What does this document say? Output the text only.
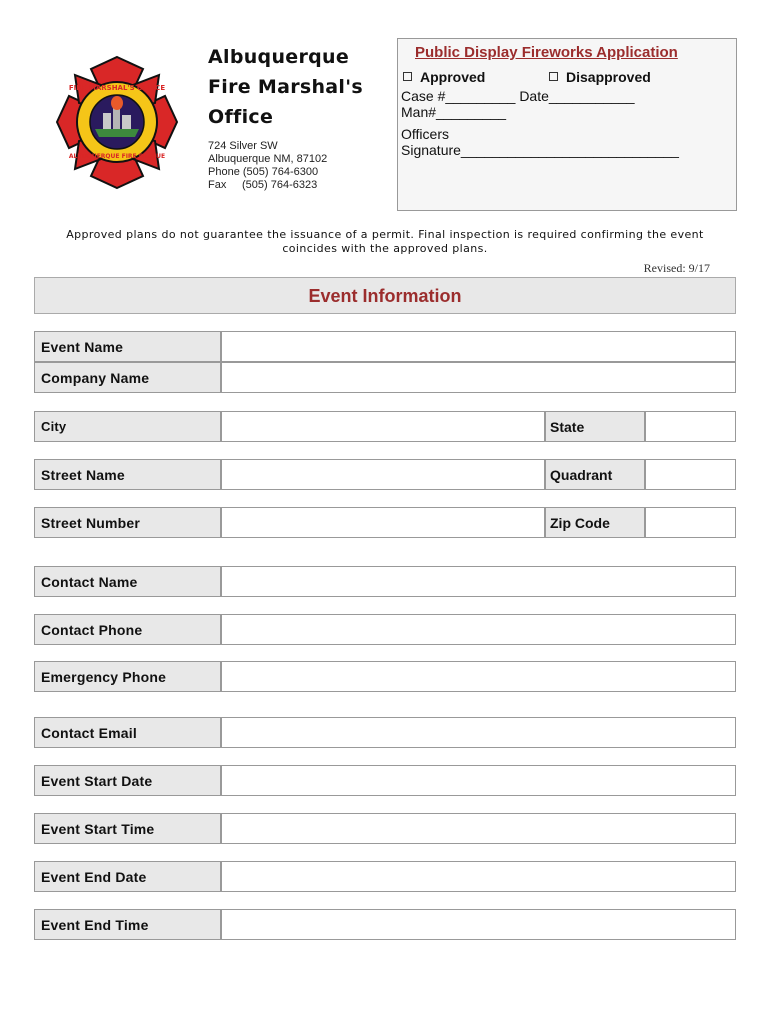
FIRE MARSHAL'S OFFICE
ALBUQUERQUE FIRE RESCUE
Albuquerque
Fire Marshal's
Office
724 Silver SW
Albuquerque NM, 87102
Phone (505) 764-6300
Fax (505) 764-6323
Public Display Fireworks Application
Approved	Disapproved
Case #_________ Date___________
Man#_________
Officers
Signature____________________________
Approved plans do not guarantee the issuance of a permit. Final inspection is required confirming the event coincides with the approved plans.
Revised: 9/17
Event Information
Event Name
Company Name
City	State
Street Name	Quadrant
Street Number	Zip Code
Contact Name
Contact Phone
Emergency Phone
Contact Email
Event Start Date
Event Start Time
Event End Date
Event End Time
